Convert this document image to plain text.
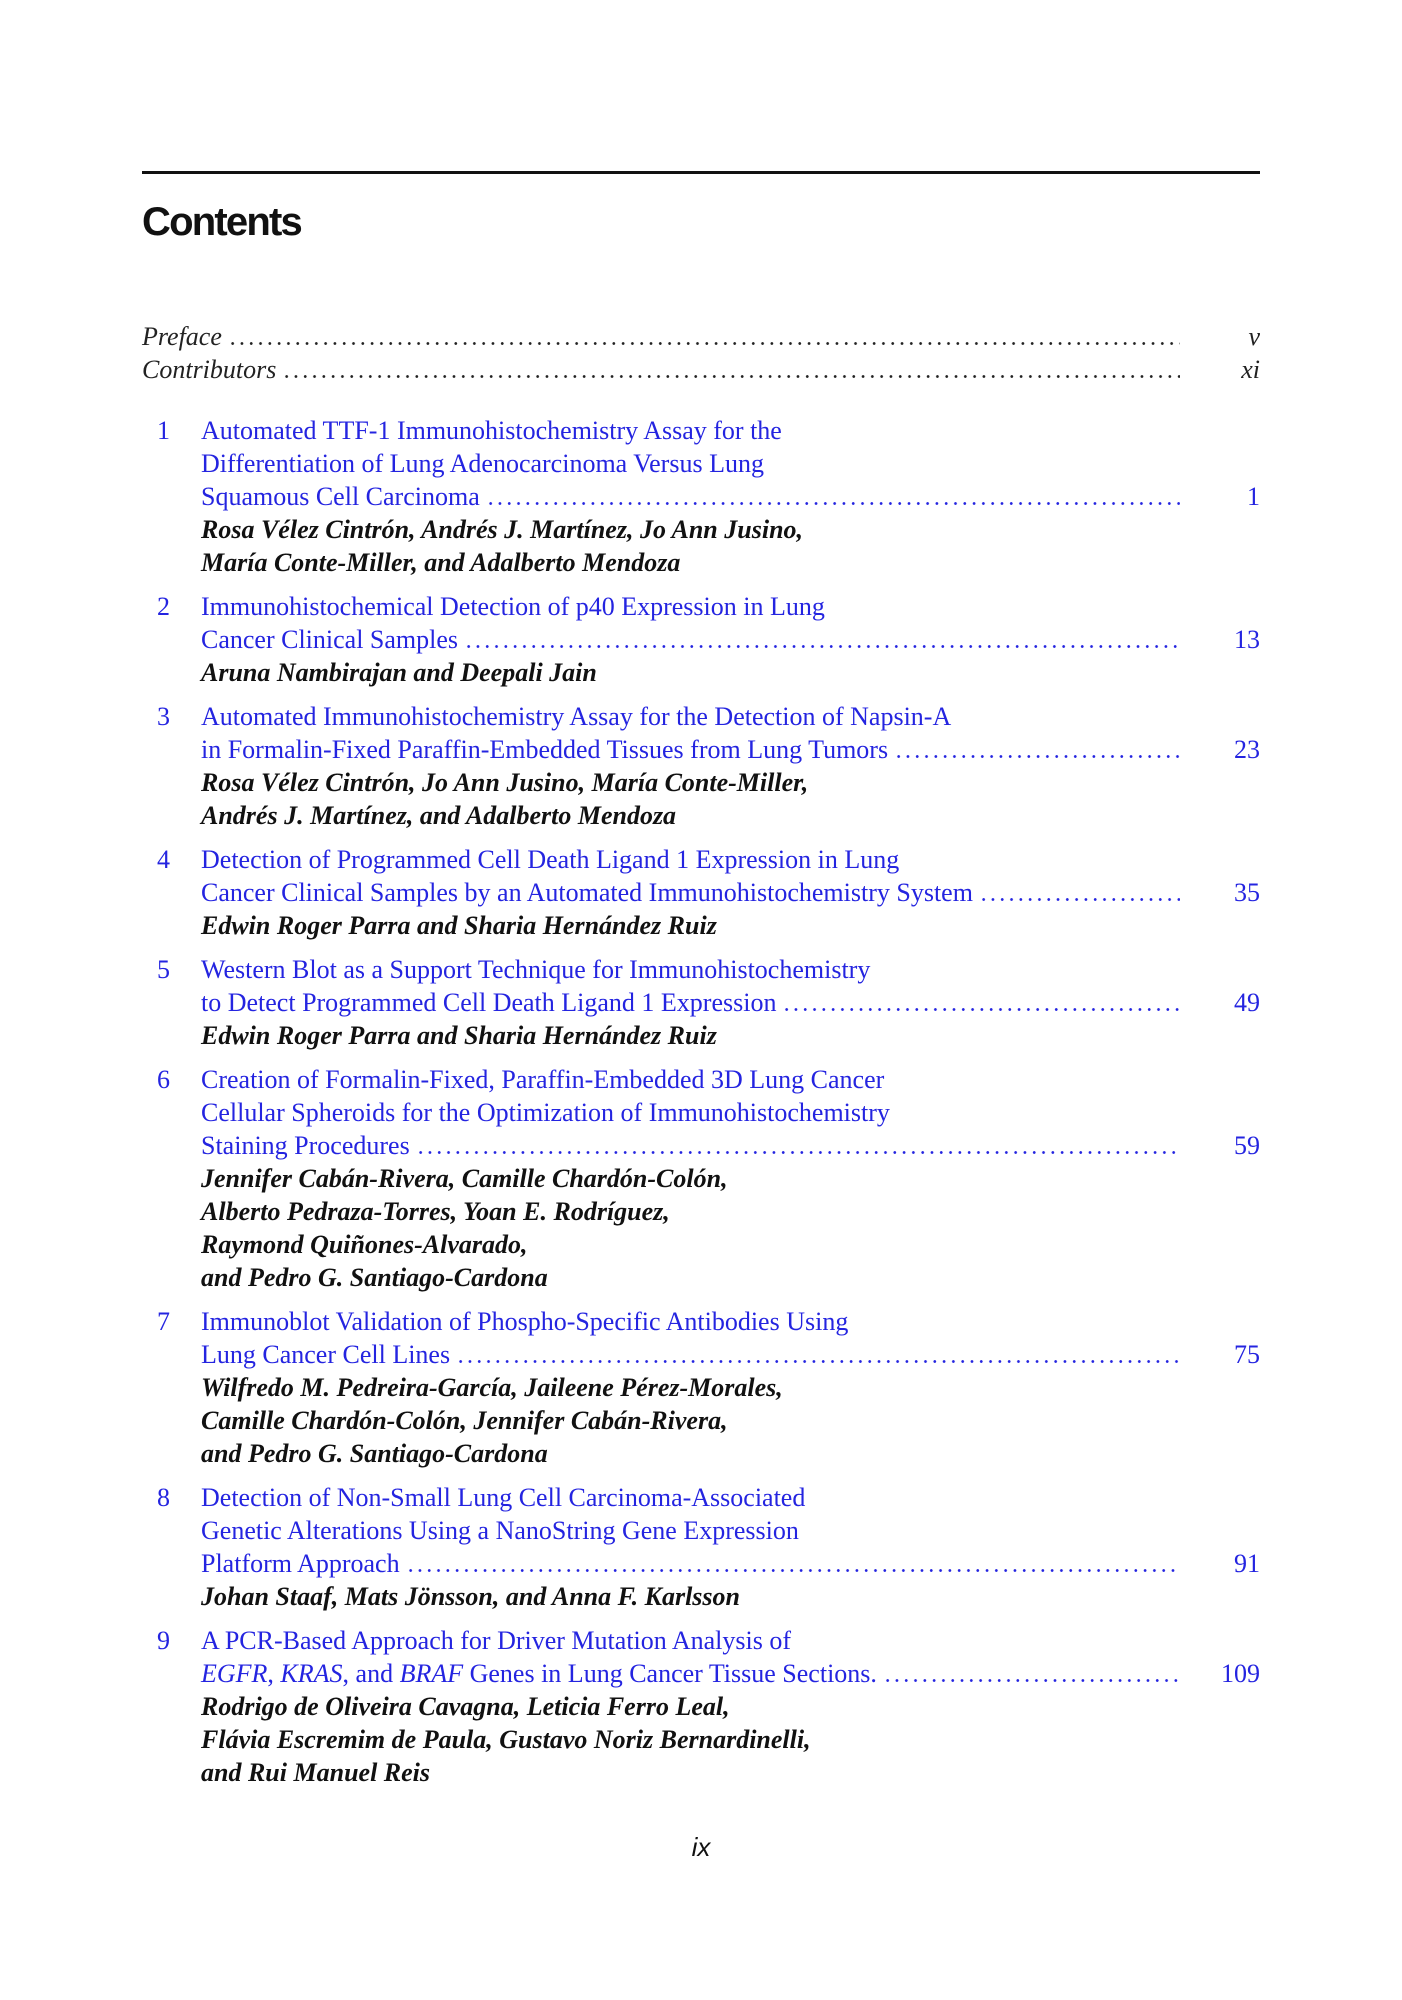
Contents
Preface	v
Contributors	xi
1	Automated TTF-1 Immunohistochemistry Assay for the
Differentiation of Lung Adenocarcinoma Versus Lung
Squamous Cell Carcinoma	1
Rosa Vélez Cintrón, Andrés J. Martínez, Jo Ann Jusino,
María Conte-Miller, and Adalberto Mendoza
2	Immunohistochemical Detection of p40 Expression in Lung
Cancer Clinical Samples	13
Aruna Nambirajan and Deepali Jain
3	Automated Immunohistochemistry Assay for the Detection of Napsin-A
in Formalin-Fixed Paraffin-Embedded Tissues from Lung Tumors	23
Rosa Vélez Cintrón, Jo Ann Jusino, María Conte-Miller,
Andrés J. Martínez, and Adalberto Mendoza
4	Detection of Programmed Cell Death Ligand 1 Expression in Lung
Cancer Clinical Samples by an Automated Immunohistochemistry System	35
Edwin Roger Parra and Sharia Hernández Ruiz
5	Western Blot as a Support Technique for Immunohistochemistry
to Detect Programmed Cell Death Ligand 1 Expression	49
Edwin Roger Parra and Sharia Hernández Ruiz
6	Creation of Formalin-Fixed, Paraffin-Embedded 3D Lung Cancer
Cellular Spheroids for the Optimization of Immunohistochemistry
Staining Procedures	59
Jennifer Cabán-Rivera, Camille Chardón-Colón,
Alberto Pedraza-Torres, Yoan E. Rodríguez,
Raymond Quiñones-Alvarado,
and Pedro G. Santiago-Cardona
7	Immunoblot Validation of Phospho-Specific Antibodies Using
Lung Cancer Cell Lines	75
Wilfredo M. Pedreira-García, Jaileene Pérez-Morales,
Camille Chardón-Colón, Jennifer Cabán-Rivera,
and Pedro G. Santiago-Cardona
8	Detection of Non-Small Lung Cell Carcinoma-Associated
Genetic Alterations Using a NanoString Gene Expression
Platform Approach	91
Johan Staaf, Mats Jönsson, and Anna F. Karlsson
9	A PCR-Based Approach for Driver Mutation Analysis of
EGFR, KRAS, and BRAF Genes in Lung Cancer Tissue Sections.	109
Rodrigo de Oliveira Cavagna, Leticia Ferro Leal,
Flávia Escremim de Paula, Gustavo Noriz Bernardinelli,
and Rui Manuel Reis
ix
